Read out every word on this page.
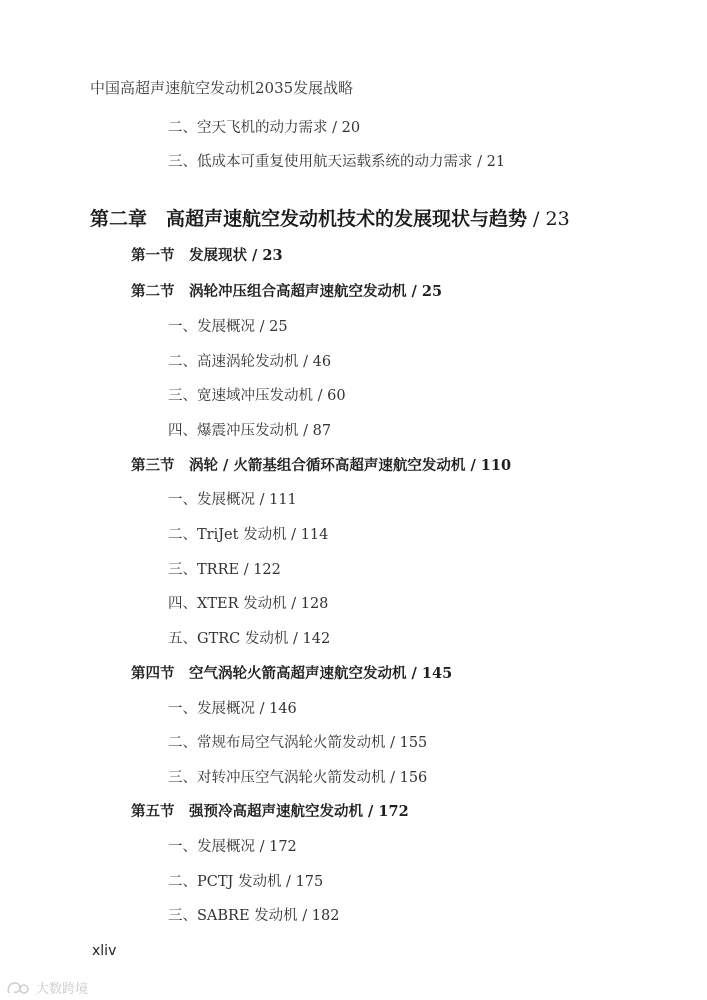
中国高超声速航空发动机2035发展战略
二、空天飞机的动力需求 / 20
三、低成本可重复使用航天运载系统的动力需求 / 21
第二章　高超声速航空发动机技术的发展现状与趋势 / 23
第一节　发展现状 / 23
第二节　涡轮冲压组合高超声速航空发动机 / 25
一、发展概况 / 25
二、高速涡轮发动机 / 46
三、宽速域冲压发动机 / 60
四、爆震冲压发动机 / 87
第三节　涡轮 / 火箭基组合循环高超声速航空发动机 / 110
一、发展概况 / 111
二、TriJet 发动机 / 114
三、TRRE / 122
四、XTER 发动机 / 128
五、GTRC 发动机 / 142
第四节　空气涡轮火箭高超声速航空发动机 / 145
一、发展概况 / 146
二、常规布局空气涡轮火箭发动机 / 155
三、对转冲压空气涡轮火箭发动机 / 156
第五节　强预冷高超声速航空发动机 / 172
一、发展概况 / 172
二、PCTJ 发动机 / 175
三、SABRE 发动机 / 182
xliv
大数跨境
